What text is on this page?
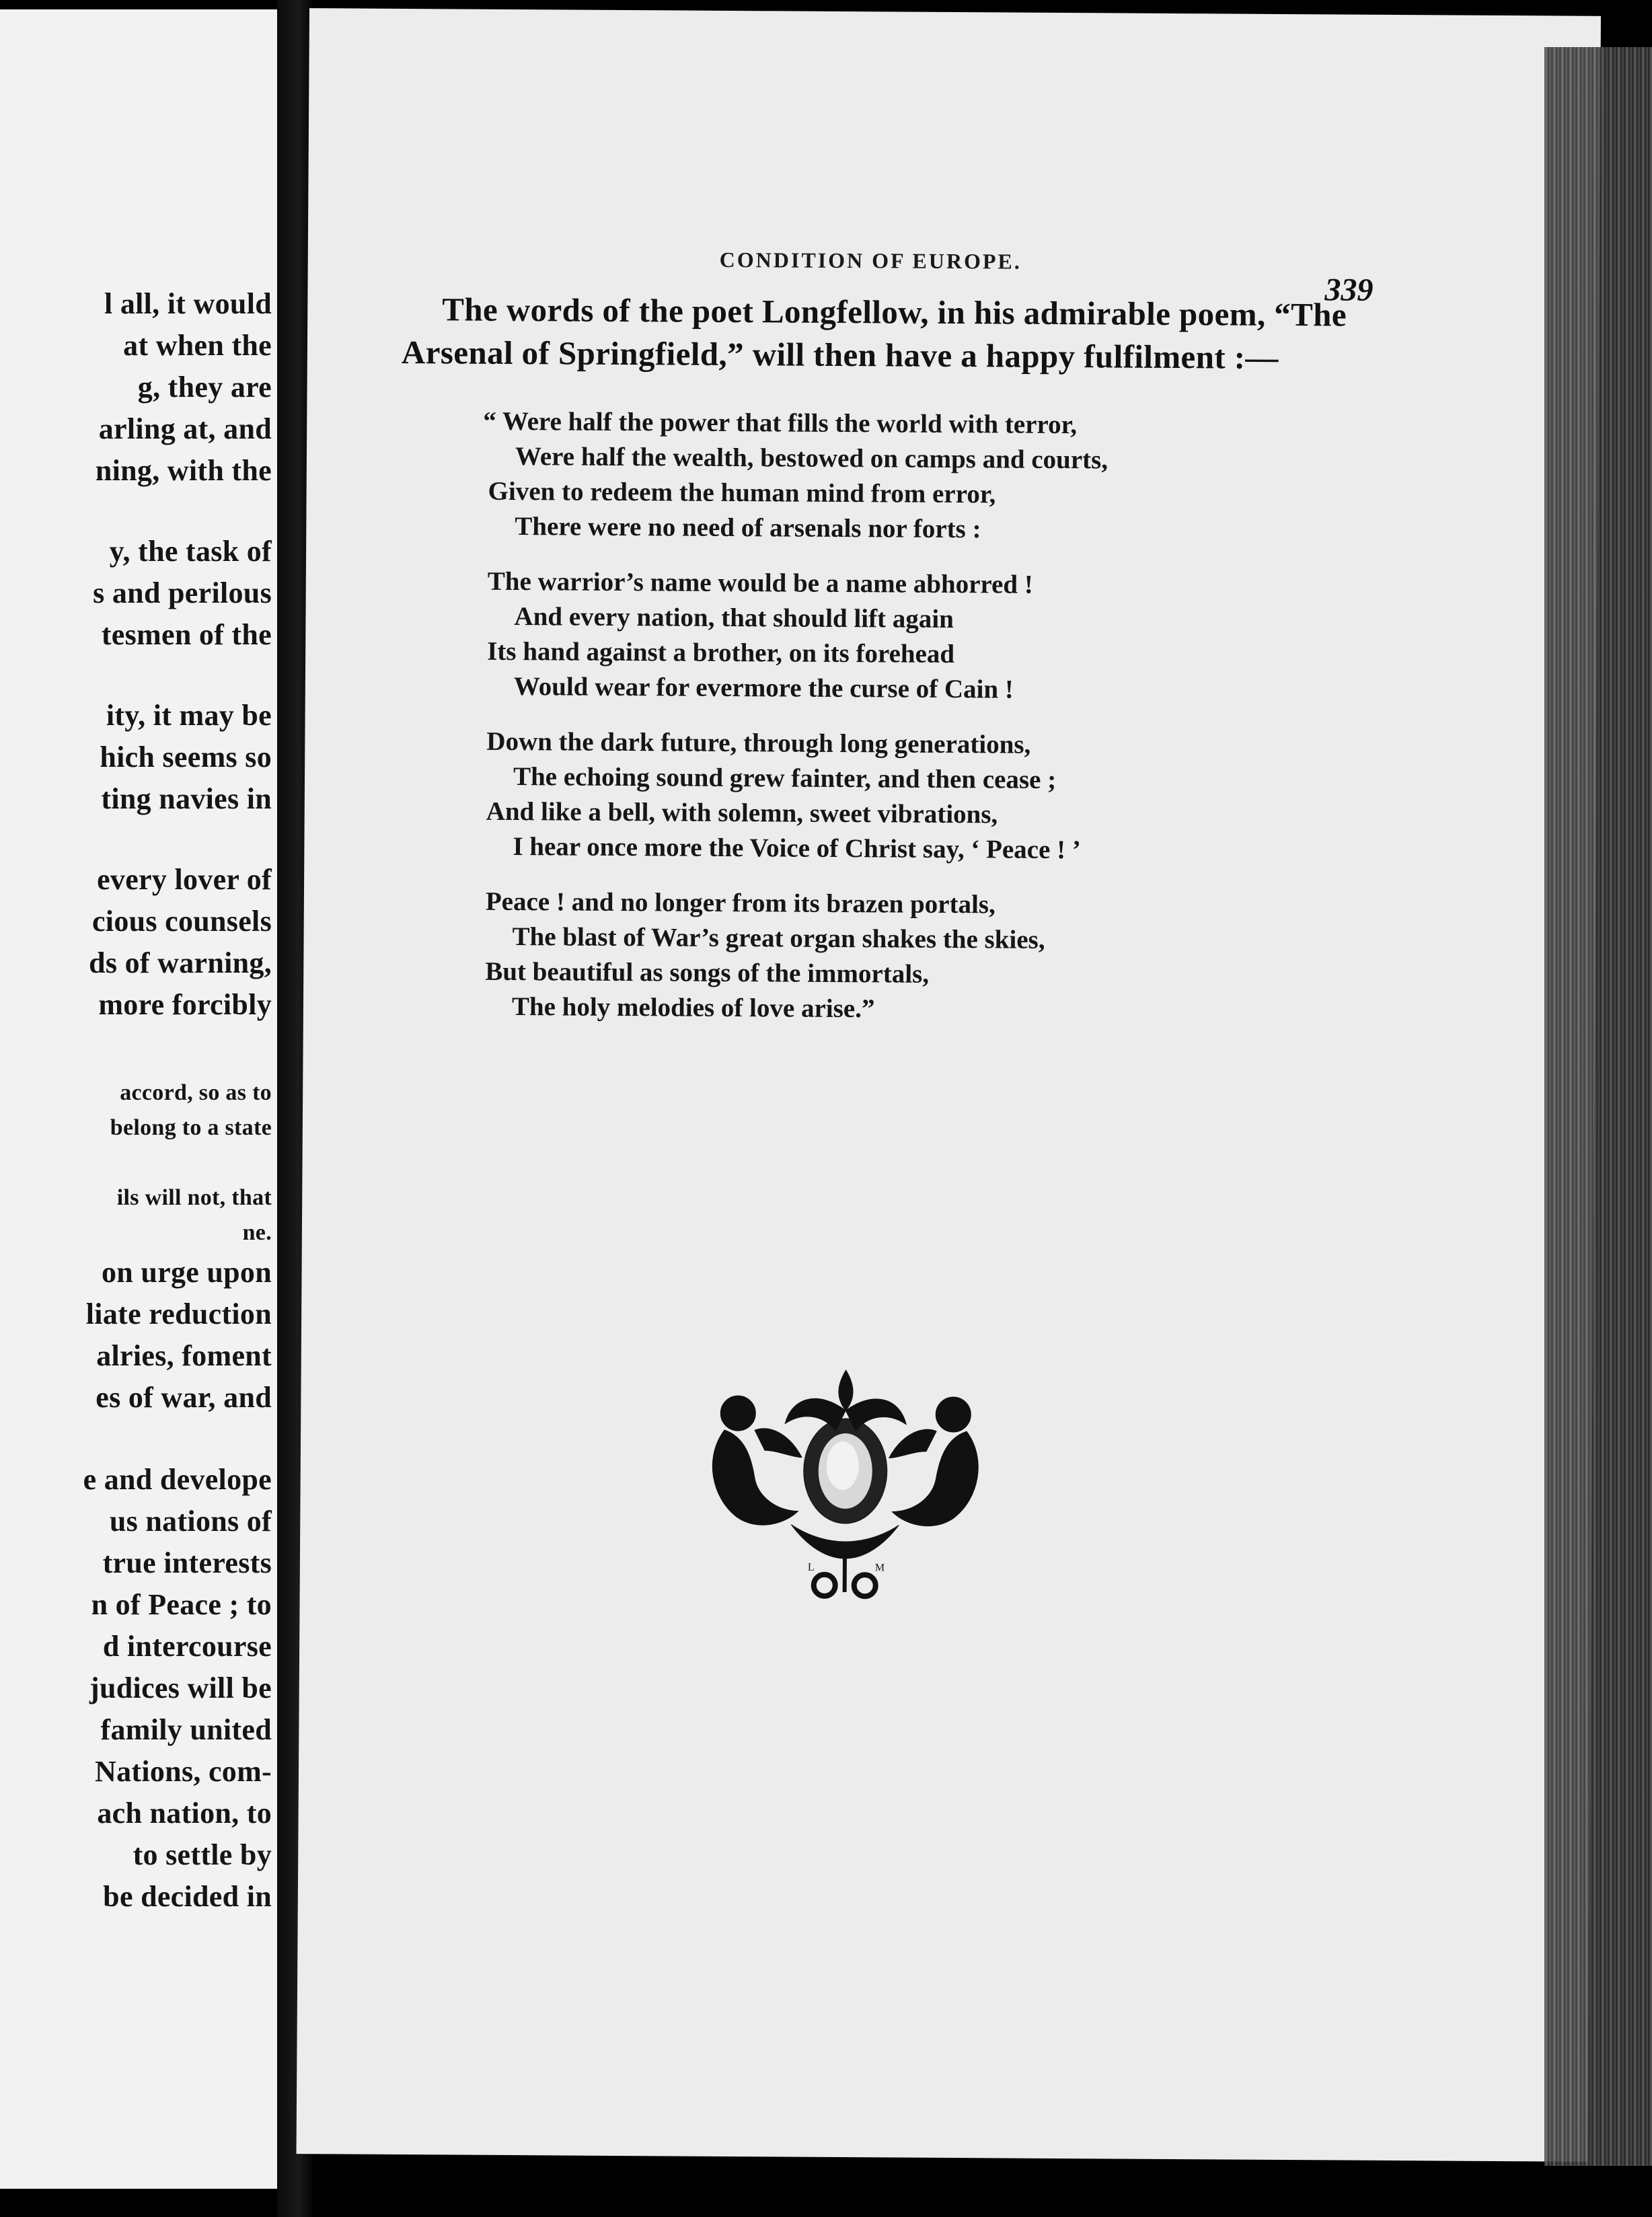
l all, it would
at when the
g, they are
arling at, and
ning, with the
y, the task of
s and perilous
tesmen of the
ity, it may be
hich seems so
ting navies in
every lover of
cious counsels
ds of warning,
more forcibly
accord, so as to
belong to a state
ils will not, that
ne.
on urge upon
liate reduction
alries, foment
es of war, and
e and develope
us nations of
true interests
n of Peace ; to
d intercourse
judices will be
family united
Nations, com-
ach nation, to
to settle by
be decided in
CONDITION OF EUROPE.
339
The words of the poet Longfellow, in his admirable poem, “The
Arsenal of Springfield,” will then have a happy fulfilment :—
“ Were half the power that fills the world with terror,
Were half the wealth, bestowed on camps and courts,
Given to redeem the human mind from error,
There were no need of arsenals nor forts :
The warrior’s name would be a name abhorred !
And every nation, that should lift again
Its hand against a brother, on its forehead
Would wear for evermore the curse of Cain !
Down the dark future, through long generations,
The echoing sound grew fainter, and then cease ;
And like a bell, with solemn, sweet vibrations,
I hear once more the Voice of Christ say, ‘ Peace ! ’
Peace ! and no longer from its brazen portals,
The blast of War’s great organ shakes the skies,
But beautiful as songs of the immortals,
The holy melodies of love arise.”
L	M
